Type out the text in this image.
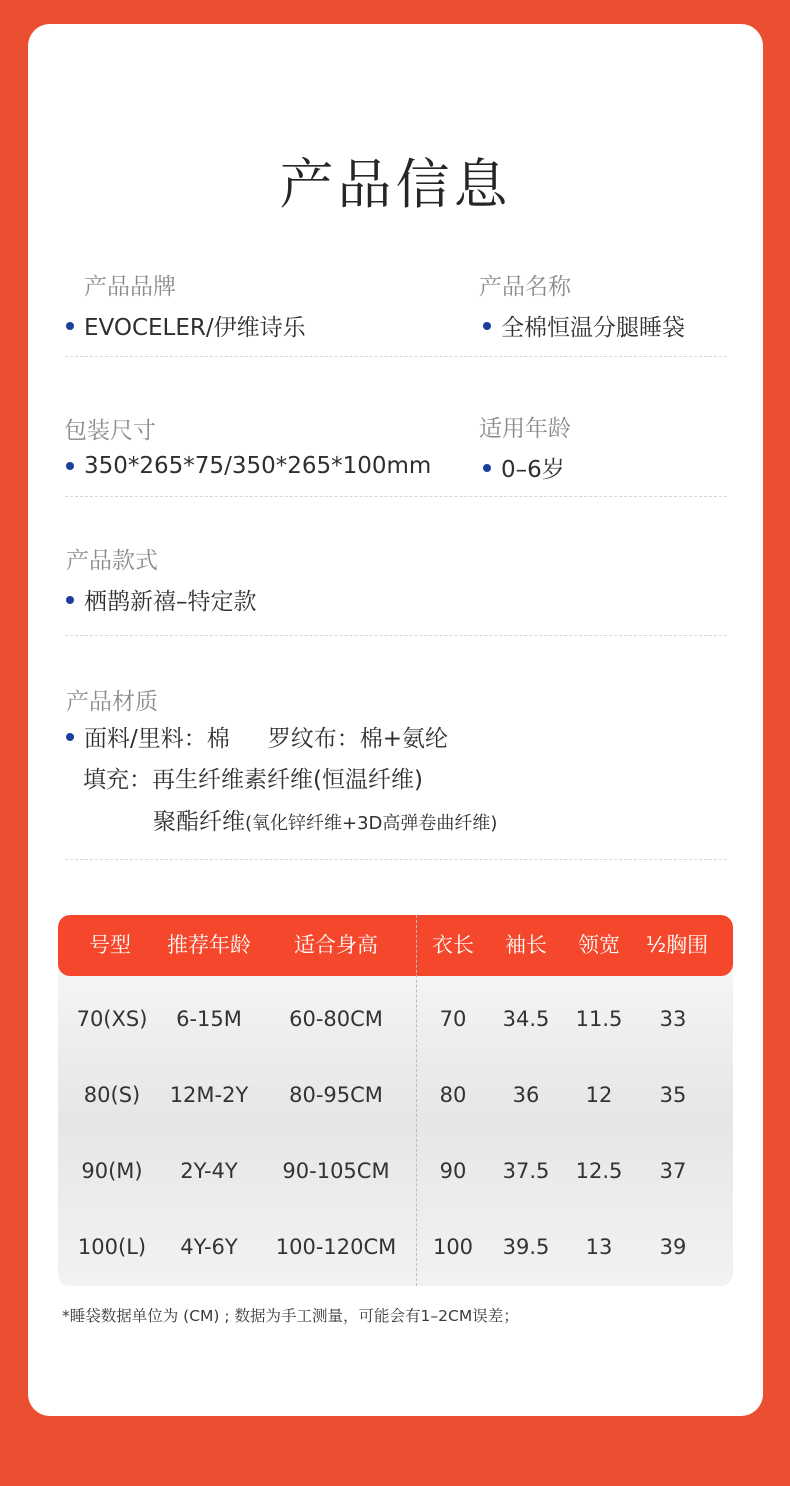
产品信息
产品品牌
EVOCELER/伊维诗乐
产品名称
全棉恒温分腿睡袋
包装尺寸
350*265*75/350*265*100mm
适用年龄
0–6岁
产品款式
栖鹊新禧–特定款
产品材质
面料/里料：棉 罗纹布：棉+氨纶
填充：再生纤维素纤维(恒温纤维)
聚酯纤维 (氧化锌纤维+3D高弹卷曲纤维)
号型 推荐年龄 适合身高	衣长 袖长 领宽 ½胸围
70(XS) 6-15M 60-80CM	70 34.5 11.5 33
80(S) 12M-2Y 80-95CM	80 36 12 35
90(M) 2Y-4Y 90-105CM 90 37.5 12.5 37
100(L) 4Y-6Y 100-120CM 100 39.5 13 39
*睡袋数据单位为 (CM) ; 数据为手工测量，可能会有1–2CM误差；
